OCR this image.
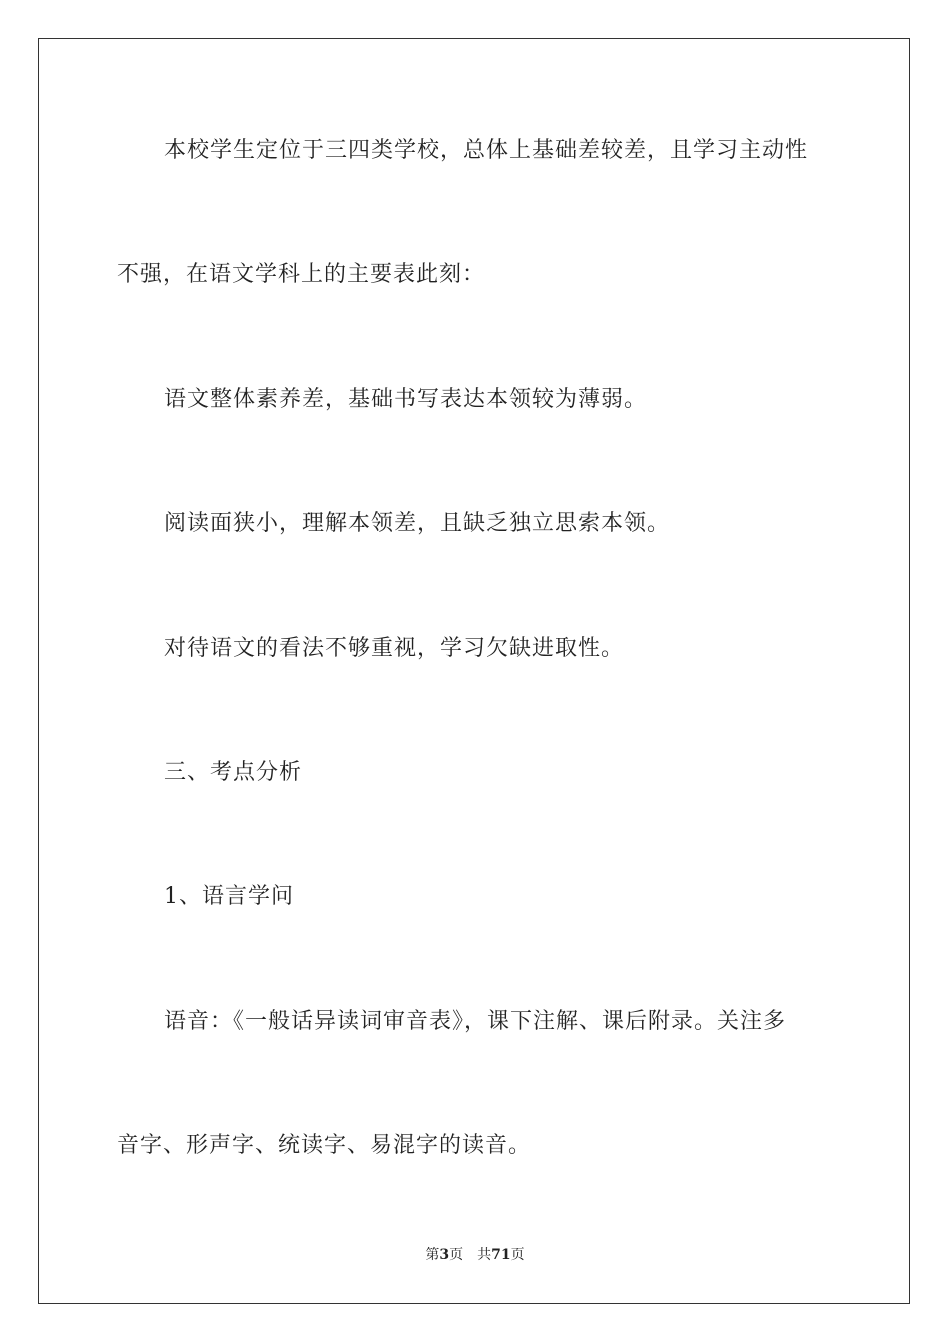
本校学生定位于三四类学校，总体上基础差较差，且学习主动性
不强，在语文学科上的主要表此刻：
语文整体素养差，基础书写表达本领较为薄弱。
阅读面狭小，理解本领差，且缺乏独立思索本领。
对待语文的看法不够重视，学习欠缺进取性。
三、考点分析
1、语言学问
语音：《一般话异读词审音表》，课下注解、课后附录。关注多
音字、形声字、统读字、易混字的读音。
第3页 共71页
